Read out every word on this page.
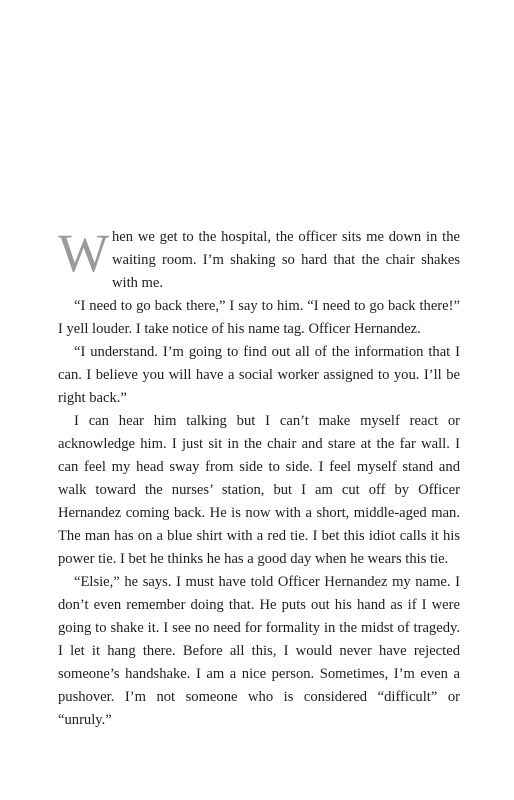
When we get to the hospital, the officer sits me down in the waiting room. I’m shaking so hard that the chair shakes with me.

“I need to go back there,” I say to him. “I need to go back there!” I yell louder. I take notice of his name tag. Officer Hernandez.

“I understand. I’m going to find out all of the information that I can. I believe you will have a social worker assigned to you. I’ll be right back.”

I can hear him talking but I can’t make myself react or acknowledge him. I just sit in the chair and stare at the far wall. I can feel my head sway from side to side. I feel myself stand and walk toward the nurses’ station, but I am cut off by Officer Hernandez coming back. He is now with a short, middle-aged man. The man has on a blue shirt with a red tie. I bet this idiot calls it his power tie. I bet he thinks he has a good day when he wears this tie.

“Elsie,” he says. I must have told Officer Hernandez my name. I don’t even remember doing that. He puts out his hand as if I were going to shake it. I see no need for formality in the midst of tragedy. I let it hang there. Before all this, I would never have rejected someone’s handshake. I am a nice person. Sometimes, I’m even a pushover. I’m not someone who is considered “difficult” or “unruly.”
